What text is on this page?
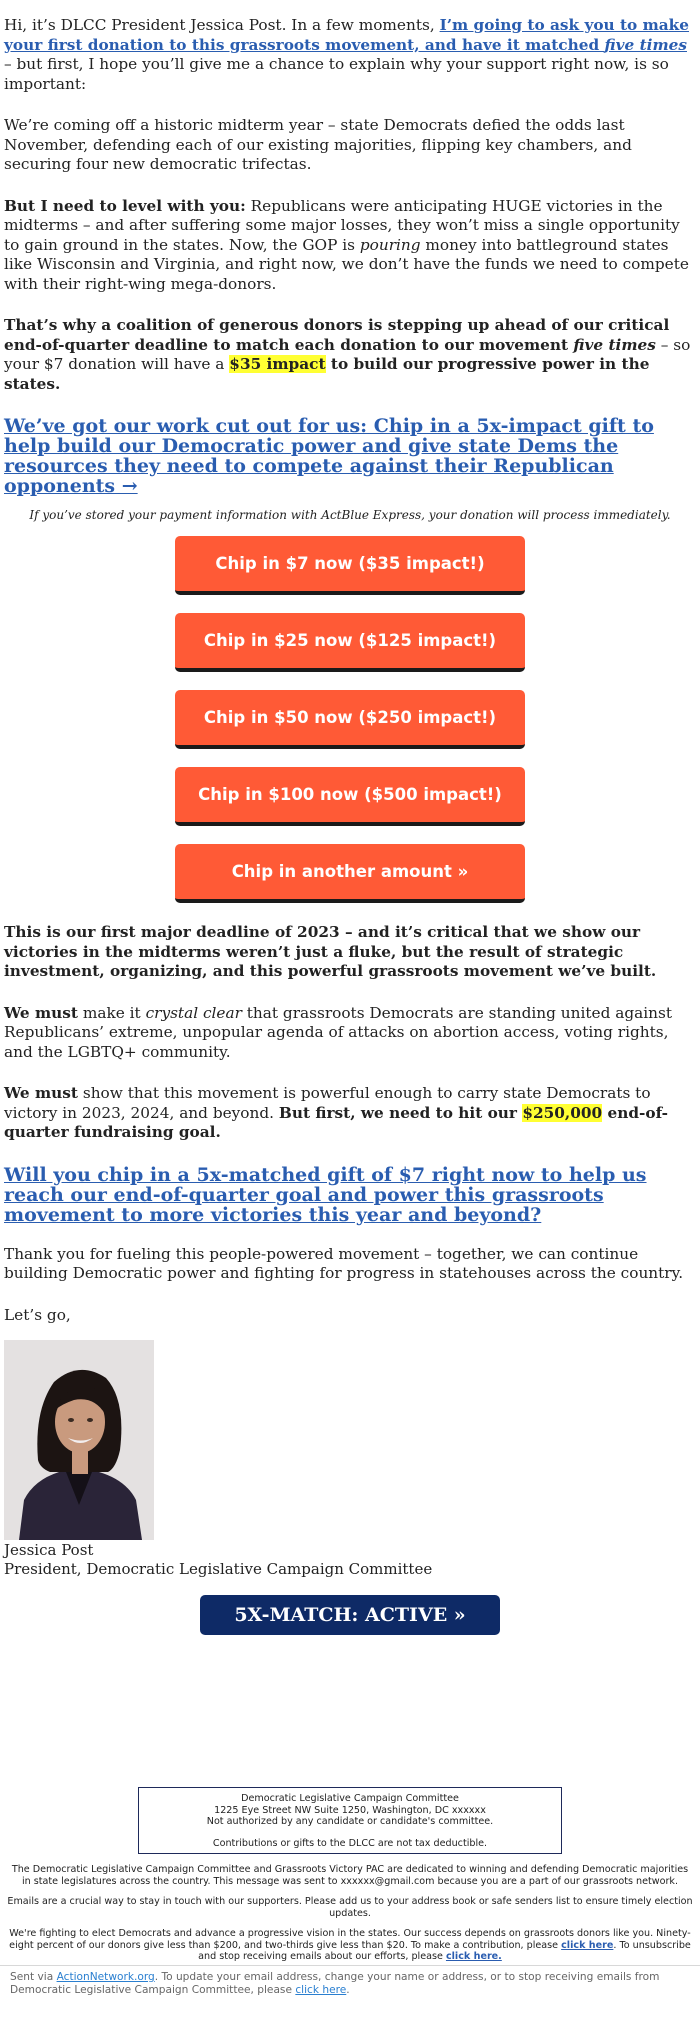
Hi, it’s DLCC President Jessica Post. In a few moments, I’m going to ask you to make your first donation to this grassroots movement, and have it matched five times – but first, I hope you’ll give me a chance to explain why your support right now, is so important:

We’re coming off a historic midterm year – state Democrats defied the odds last November, defending each of our existing majorities, flipping key chambers, and securing four new democratic trifectas.

But I need to level with you: Republicans were anticipating HUGE victories in the midterms – and after suffering some major losses, they won’t miss a single opportunity to gain ground in the states. Now, the GOP is pouring money into battleground states like Wisconsin and Virginia, and right now, we don’t have the funds we need to compete with their right-wing mega-donors.

That’s why a coalition of generous donors is stepping up ahead of our critical end-of-quarter deadline to match each donation to our movement five times – so your $7 donation will have a $35 impact to build our progressive power in the states.

We’ve got our work cut out for us: Chip in a 5x-impact gift to help build our Democratic power and give state Dems the resources they need to compete against their Republican opponents →
If you’ve stored your payment information with ActBlue Express, your donation will process immediately.
Chip in $7 now ($35 impact!)
Chip in $25 now ($125 impact!)
Chip in $50 now ($250 impact!)
Chip in $100 now ($500 impact!)
Chip in another amount »

This is our first major deadline of 2023 – and it’s critical that we show our victories in the midterms weren’t just a fluke, but the result of strategic investment, organizing, and this powerful grassroots movement we’ve built.

We must make it crystal clear that grassroots Democrats are standing united against Republicans’ extreme, unpopular agenda of attacks on abortion access, voting rights, and the LGBTQ+ community.

We must show that this movement is powerful enough to carry state Democrats to victory in 2023, 2024, and beyond. But first, we need to hit our $250,000 end-of-quarter fundraising goal.

Will you chip in a 5x-matched gift of $7 right now to help us reach our end-of-quarter goal and power this grassroots movement to more victories this year and beyond?

Thank you for fueling this people-powered movement – together, we can continue building Democratic power and fighting for progress in statehouses across the country.

Let’s go,

Jessica Post
President, Democratic Legislative Campaign Committee
5X-MATCH: ACTIVE »
Democratic Legislative Campaign Committee
1225 Eye Street NW Suite 1250, Washington, DC xxxxxx
Not authorized by any candidate or candidate's committee.
Contributions or gifts to the DLCC are not tax deductible.
The Democratic Legislative Campaign Committee and Grassroots Victory PAC are dedicated to winning and defending Democratic majorities in state legislatures across the country. This message was sent to xxxxxx@gmail.com because you are a part of our grassroots network.
Emails are a crucial way to stay in touch with our supporters. Please add us to your address book or safe senders list to ensure timely election updates.
We're fighting to elect Democrats and advance a progressive vision in the states. Our success depends on grassroots donors like you. Ninety-eight percent of our donors give less than $200, and two-thirds give less than $20. To make a contribution, please click here. To unsubscribe and stop receiving emails about our efforts, please click here.
Sent via ActionNetwork.org. To update your email address, change your name or address, or to stop receiving emails from Democratic Legislative Campaign Committee, please click here.
